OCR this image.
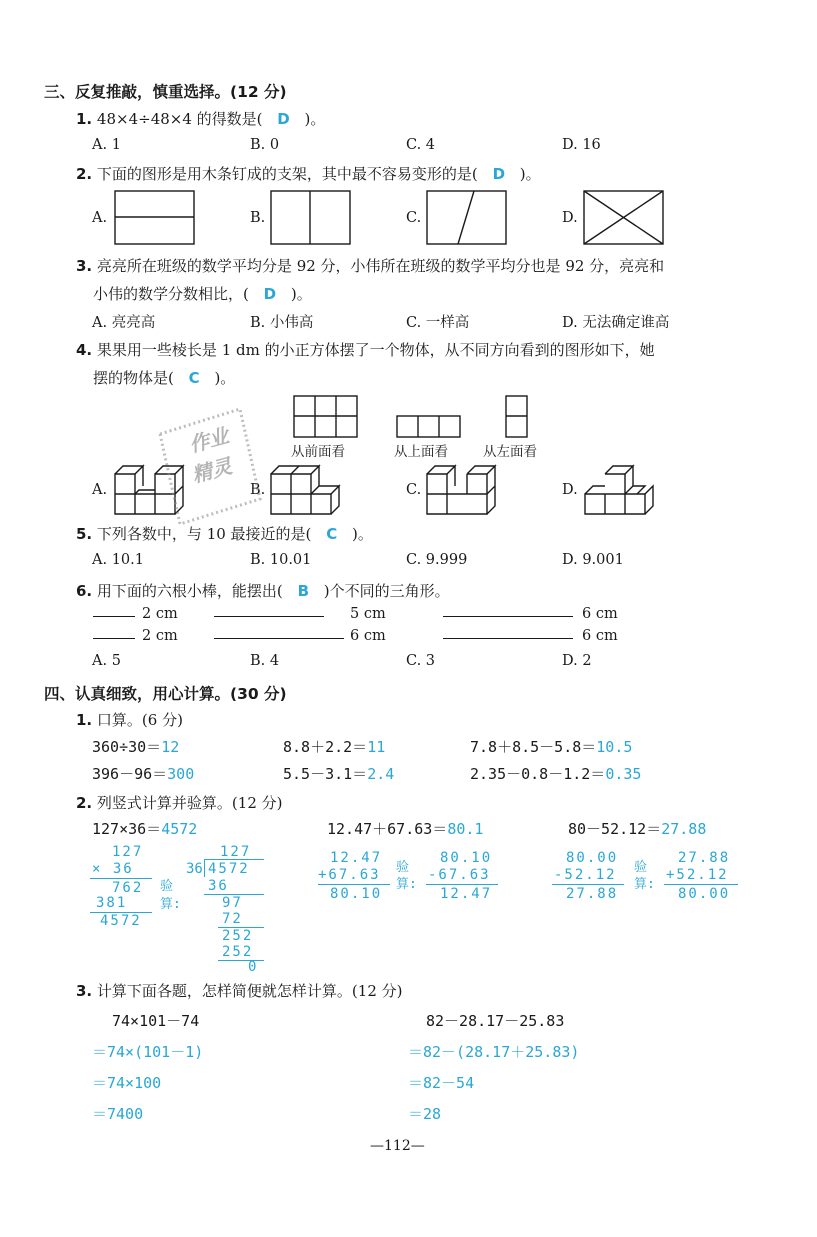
三、反复推敲，慎重选择。(12 分)
1. 48×4÷48×4 的得数是( D )。
A. 1	B. 0	C. 4	D. 16
2. 下面的图形是用木条钉成的支架，其中最不容易变形的是( D )。
A.	B.	C.	D.
3. 亮亮所在班级的数学平均分是 92 分，小伟所在班级的数学平均分也是 92 分，亮亮和
小伟的数学分数相比，( D )。
A. 亮亮高	B. 小伟高	C. 一样高	D. 无法确定谁高
4. 果果用一些棱长是 1 dm 的小正方体摆了一个物体，从不同方向看到的图形如下，她
摆的物体是( C )。
从前面看	从上面看	从左面看
A.	B.	C.	D.
作业
精灵
5. 下列各数中，与 10 最接近的是( C )。
A. 10.1	B. 10.01	C. 9.999	D. 9.001
6. 用下面的六根小棒，能摆出( B )个不同的三角形。
2 cm	5 cm	6 cm
2 cm	6 cm	6 cm
A. 5	B. 4	C. 3	D. 2
四、认真细致，用心计算。(30 分)
1. 口算。(6 分)
360÷30＝12	8.8＋2.2＝11	7.8＋8.5－5.8＝10.5
396－96＝300	5.5－3.1＝2.4	2.35－0.8－1.2＝0.35
2. 列竖式计算并验算。(12 分)
127×36＝4572	12.47＋67.63＝80.1	80－52.12＝27.88
127
× 36
762
381
4572
验
算:
127
36 4572
36
97
72
252
252
0
12.47
+67.63
80.10
验
算:
80.10
-67.63
12.47
80.00
-52.12
27.88
验
算:
27.88
+52.12
80.00
3. 计算下面各题，怎样简便就怎样计算。(12 分)
74×101－74
＝74×(101－1)
＝74×100
＝7400
82－28.17－25.83
＝82－(28.17＋25.83)
＝82－54
＝28
—112—
